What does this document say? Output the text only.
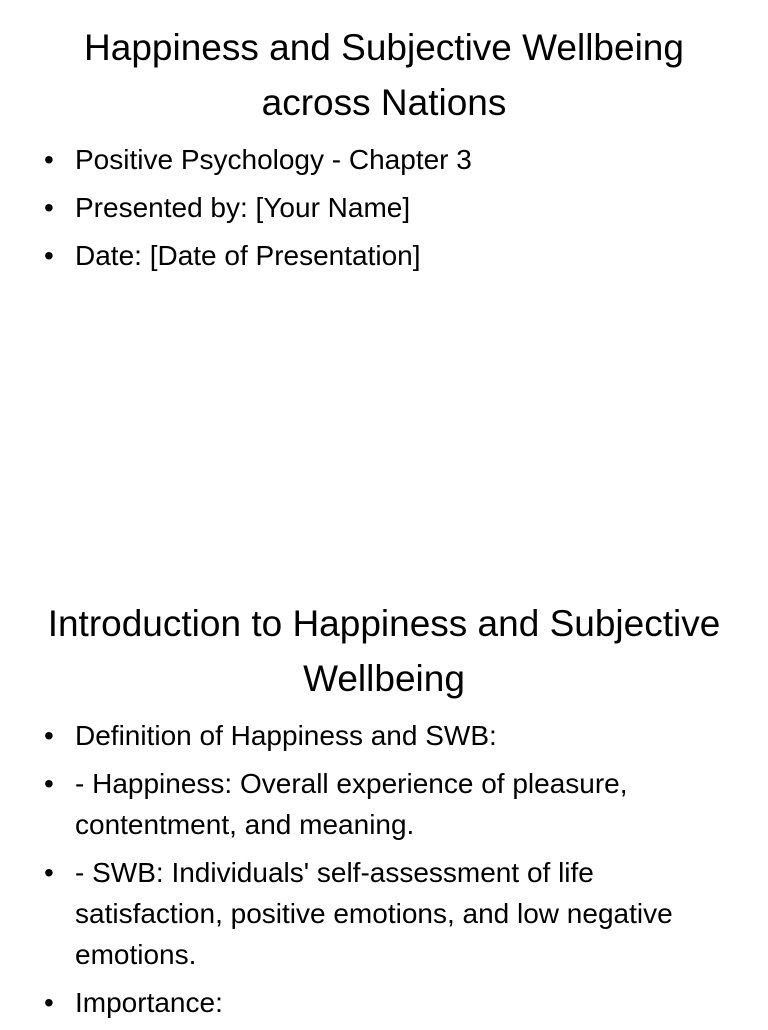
Happiness and Subjective Wellbeing across Nations
• Positive Psychology - Chapter 3
• Presented by: [Your Name]
• Date: [Date of Presentation]
Introduction to Happiness and Subjective Wellbeing
• Definition of Happiness and SWB:
• - Happiness: Overall experience of pleasure, contentment, and meaning.
• - SWB: Individuals' self-assessment of life satisfaction, positive emotions, and low negative emotions.
• Importance:
